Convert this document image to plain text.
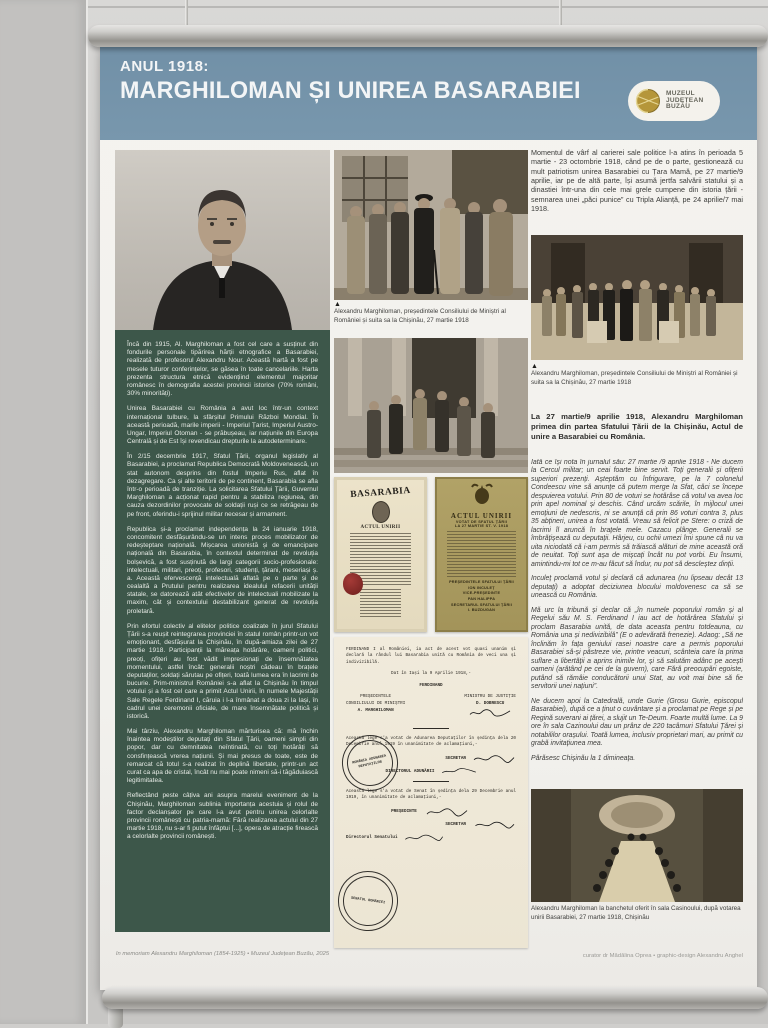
ANUL 1918:
MARGHILOMAN ȘI UNIREA BASARABIEI	MUZEUL
JUDEȚEAN
BUZĂU

Încă din 1915, Al. Marghiloman a fost cel care a susținut din fondurile personale tipărirea hărții etnografice a Basarabiei, realizată de profesorul Alexandru Nour. Această hartă a fost pe mesele tuturor conferințelor, se găsea în toate cancelariile. Harta prezenta structura etnică evidențiind elementul majoritar românesc în demografia acestei provincii istorice (70% români, 30% minorități).

Unirea Basarabiei cu România a avut loc într-un context internațional tulbure, la sfârșitul Primului Război Mondial. În această perioadă, marile imperii - Imperiul Țarist, Imperiul Austro-Ungar, Imperiul Otoman - se prăbușeau, iar națiunile din Europa Centrală și de Est își revendicau drepturile la autodeterminare.

În 2/15 decembrie 1917, Sfatul Țării, organul legislativ al Basarabiei, a proclamat Republica Democrată Moldovenească, un stat autonom desprins din fostul Imperiu Rus, aflat în dezagregare. Ca și alte teritorii de pe continent, Basarabia se afla într-o perioadă de tranziție. La solicitarea Sfatului Țării, Guvernul Marghiloman a acționat rapid pentru a stabiliza regiunea, din cauza dezordinilor provocate de soldații ruși ce se retrăgeau de pe front, oferindu-i sprijinul militar necesar și armament.

Republica și-a proclamat independența la 24 ianuarie 1918, concomitent desfășurându-se un intens proces mobilizator de redeșteptare națională. Mișcarea unionistă și de emancipare națională din Basarabia, în contextul determinat de revoluția bolșevică, a fost susținută de largi categorii socio-profesionale: intelectuali, militari, preoți, profesori, studenți, țărani, meseriași ș. a. Această efervescență intelectuală aflată pe o parte și de cealaltă a Prutului pentru realizarea idealului refacerii unității statale, se datorează atât efectivelor de intelectuali mobilizate la maxim, cât și contextului destabilizant generat de revoluția proletară.

Prin efortul colectiv al elitelor politice coalizate în jurul Sfatului Țării s-a reușit reintegrarea provinciei în statul român printr-un vot emoționant, desfășurat la Chișinău, în după-amiaza zilei de 27 martie 1918. Participanții la măreața hotărâre, oameni politici, preoți, ofițeri au fost vădit impresionați de însemnătatea momentului, astfel încât: generalii noștri cădeau în brațele deputaților, soldați sărutau pe ofițeri, toată lumea era în lacrimi de bucurie. Prim-ministrul României s-a aflat la Chișinău în timpul votului și a fost cel care a primit Actul Unirii, în numele Majestății Sale Regele Ferdinand I, căruia i l-a înmânat a doua zi la Iași, în cadrul unei ceremonii oficiale, de mare însemnătate politică și istorică.

Mai târziu, Alexandru Marghiloman mărturisea că: mă închin înaintea modeștilor deputați din Sfatul Țării, oameni simpli din popor, dar cu demnitatea neîntinată, cu toți hotărâți să consfințească vrerea națiunii. Și mai presus de toate, este de remarcat că totul s-a realizat în deplină libertate, printr-un act curat ca apa de cristal, încât nu mai poate nimeni să-i tăgăduiască legitimitatea.

Reflectând peste câțiva ani asupra marelui eveniment de la Chișinău, Marghiloman sublinia importanța acestuia și rolul de factor declanșator pe care l-a avut pentru unirea celorlalte provincii românești cu patria-mamă: Fără realizarea actului din 27 martie 1918, nu s-ar fi putut înfăptui [...], opera de atracție firească a celorlalte provincii românești.

In memoriam Alexandru Marghiloman (1854-1925) • Muzeul Județean Buzău, 2025
▲
Alexandru Marghiloman, președintele Consiliului de Miniștri al României și suita sa la Chișinău, 27 martie 1918
BASARABIA
ACTUL UNIRII
ACTUL UNIRII
VOTAT DE SFATUL ȚĂRII
LA 27 MARTIE ST. V. 1918
PREȘEDINTELE SFATULUI ȚĂRII
ION INCULEȚ
VICE-PREȘEDINTE
PAN HALIPPA
SECRETARUL SFATULUI ȚĂRII
I. BUZDUGAN
ROMÂNIA ADUNAREA DEPUTAȚILOR
SENATUL ROMÂNIEI

FERDINAND I al României, ia act de acest vot quasi unanim și declară la rândul lui Basarabia unită cu România de veci una și indivizibilă.

Dat în Iași la 9 Aprilie 1918,-

FERDINAND

PREȘEDINTELE
CONSILIULUI DE MINIȘTRI
A. MARGHILOMAN
MINISTRU DE JUSTIȚIE
D. DOBRESCU

Această lege s'a votat de Adunarea Deputaților în ședința dela 20 Decembrie anul 1919 în unanimitate de aclamațiuni,-

SECRETAR
DIRECTORUL ADUNĂRII

Această lege s'a votat de Senat în ședința dela 29 Decembrie anul 1919, în unanimitate de aclamațiuni,-

PREȘEDINTE
SECRETAR
Directorul Senatului
Momentul de vârf al carierei sale politice l-a atins în perioada 5 martie - 23 octombrie 1918, când pe de o parte, gestionează cu mult patriotism unirea Basarabiei cu Țara Mamă, pe 27 martie/9 aprilie, iar pe de altă parte, își asumă jertfa salvării statului și a dinastiei într-una din cele mai grele cumpene din istoria țării - semnarea unei „păci punice” cu Tripla Alianță, pe 24 aprilie/7 mai 1918.
▲
Alexandru Marghiloman, președintele Consiliului de Miniștri al României și suita sa la Chișinău, 27 martie 1918
La 27 martie/9 aprilie 1918, Alexandru Marghiloman primea din partea Sfatului Țării de la Chișinău, Actul de unire a Basarabiei cu România.

Iată ce își nota în jurnalul său: 27 martie /9 aprilie 1918 - Ne ducem la Cercul militar; un ceai foarte bine servit. Toți generalii și ofițerii superiori prezenți. Așteptăm cu înfrigurare, pe la 7 colonelul Condeescu vine să anunțe că putem merge la Sfat, căci se începe despuierea votului. Prin 80 de voturi se hotărâse că votul va avea loc prin apel nominal și deschis. Când urcăm scările, în mijlocul unei emoțiuni de nedescris, ni se anunță că prin 86 voturi contra 3, plus 35 abțineri, unirea a fost votată. Vreau să felicit pe Stere: o criză de lacrimi îl aruncă în brațele mele. Cazacu plânge. Generalii se îmbrățișează cu deputații. Hârjeu, cu ochii umezi îmi spune că nu va uita niciodată că i-am permis să trăiască alături de mine această oră de neuitat. Toți sunt așa de mișcați încât nu pot vorbi. Eu însumi, amintindu-mi tot ce m-au făcut să îndur, nu pot să descleștez dinții.

Inculeț proclamă votul și declară că adunarea (nu lipseau decât 13 deputați) a adoptat deciziunea blocului moldovenesc ca să se unească cu România.

Mă urc la tribună și declar că „în numele poporului român și al Regelui său M. S. Ferdinand I iau act de hotărârea Sfatului și proclam Basarabia unită, de data aceasta pentru totdeauna, cu România una și nedivizibilă” (E o adevărată frenezie). Adaog: „Să ne înclinăm în fața geniului rasei noastre care a permis poporului Basarabiei să-și păstreze vie, printre veacuri, scânteia care la prima suflare a libertății a aprins inimile lor, și să salutăm adânc pe acești oameni (arătând pe cei de la guvern), care Fără preocupări egoiste, putând să rămâie conducătorii unui Stat, au voit mai bine să fie servitorii unei națiuni”.

Ne ducem apoi la Catedrală, unde Gurie (Grosu Gurie, episcopul Basarabiei), după ce a ținut o cuvântare și a proclamat pe Rege și pe Regină suverani ai țărei, a slujit un Te-Deum. Foarte multă lume. La 9 ore în sala Cazinoului dau un prânz de 220 tacâmuri Sfatului Țărei și notabililor orașului. Toată lumea, inclusiv proprietari mari, au primit cu grabă invitațiunea mea.

Părăsesc Chișinău la 1 dimineața.

Alexandru Marghiloman la banchetul oferit în sala Casinoului, după votarea unirii Basarabiei, 27 martie 1918, Chișinău
curator dr Mădălina Oprea • graphic-design Alexandru Anghel
